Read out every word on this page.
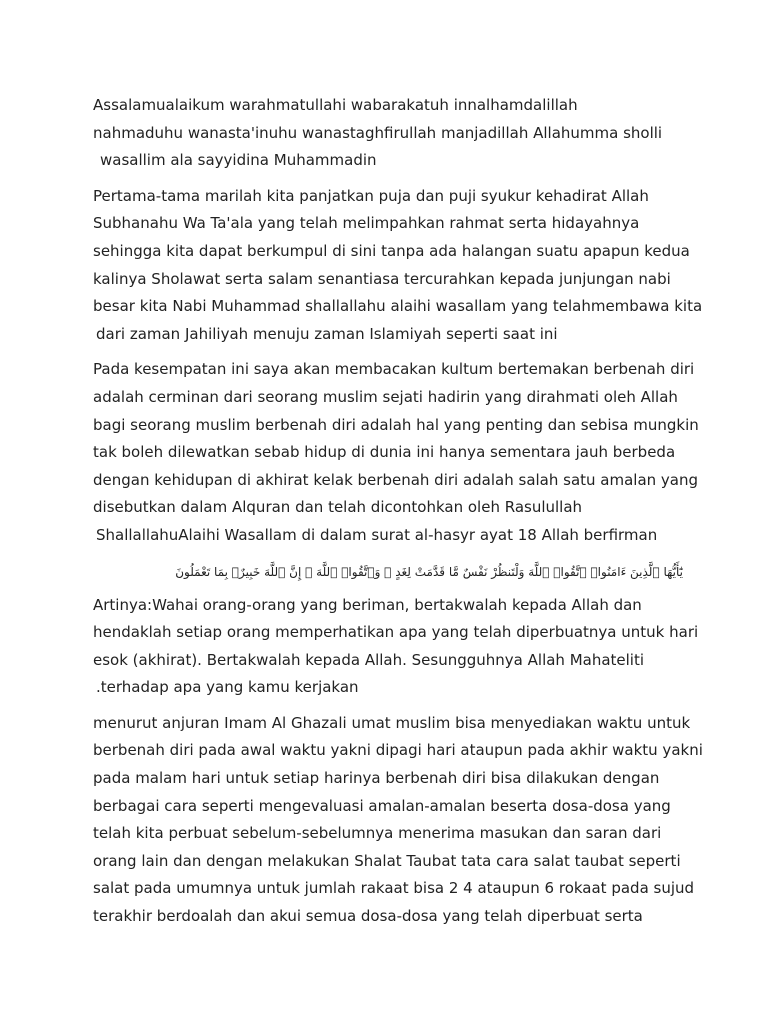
Assalamualaikum warahmatullahi wabarakatuh innalhamdalillah
nahmaduhu wanasta'inuhu wanastaghfirullah manjadillah Allahumma sholli
wasallim ala sayyidina Muhammadin
Pertama-tama marilah kita panjatkan puja dan puji syukur kehadirat Allah
Subhanahu Wa Ta'ala yang telah melimpahkan rahmat serta hidayahnya
sehingga kita dapat berkumpul di sini tanpa ada halangan suatu apapun kedua
kalinya Sholawat serta salam senantiasa tercurahkan kepada junjungan nabi
besar kita Nabi Muhammad shallallahu alaihi wasallam yang telahmembawa kita
dari zaman Jahiliyah menuju zaman Islamiyah seperti saat ini
Pada kesempatan ini saya akan membacakan kultum bertemakan berbenah diri
adalah cerminan dari seorang muslim sejati hadirin yang dirahmati oleh Allah
bagi seorang muslim berbenah diri adalah hal yang penting dan sebisa mungkin
tak boleh dilewatkan sebab hidup di dunia ini hanya sementara jauh berbeda
dengan kehidupan di akhirat kelak berbenah diri adalah salah satu amalan yang
disebutkan dalam Alquran dan telah dicontohkan oleh Rasulullah
ShallallahuAlaihi Wasallam di dalam surat al-hasyr ayat 18 Allah berfirman
يَٰٓأَيُّهَا ٱلَّذِينَ ءَامَنُوا۟ ٱتَّقُوا۟ ٱللَّهَ وَلْتَنظُرْ نَفْسٌ مَّا قَدَّمَتْ لِغَدٍ ۖ وَٱتَّقُوا۟ ٱللَّهَ ۚ إِنَّ ٱللَّهَ خَبِيرٌۢ بِمَا تَعْمَلُونَ
Artinya:Wahai orang-orang yang beriman, bertakwalah kepada Allah dan
hendaklah setiap orang memperhatikan apa yang telah diperbuatnya untuk hari
esok (akhirat). Bertakwalah kepada Allah. Sesungguhnya Allah Mahateliti
.terhadap apa yang kamu kerjakan
menurut anjuran Imam Al Ghazali umat muslim bisa menyediakan waktu untuk
berbenah diri pada awal waktu yakni dipagi hari ataupun pada akhir waktu yakni
pada malam hari untuk setiap harinya berbenah diri bisa dilakukan dengan
berbagai cara seperti mengevaluasi amalan-amalan beserta dosa-dosa yang
telah kita perbuat sebelum-sebelumnya menerima masukan dan saran dari
orang lain dan dengan melakukan Shalat Taubat tata cara salat taubat seperti
salat pada umumnya untuk jumlah rakaat bisa 2 4 ataupun 6 rokaat pada sujud
terakhir berdoalah dan akui semua dosa-dosa yang telah diperbuat serta
